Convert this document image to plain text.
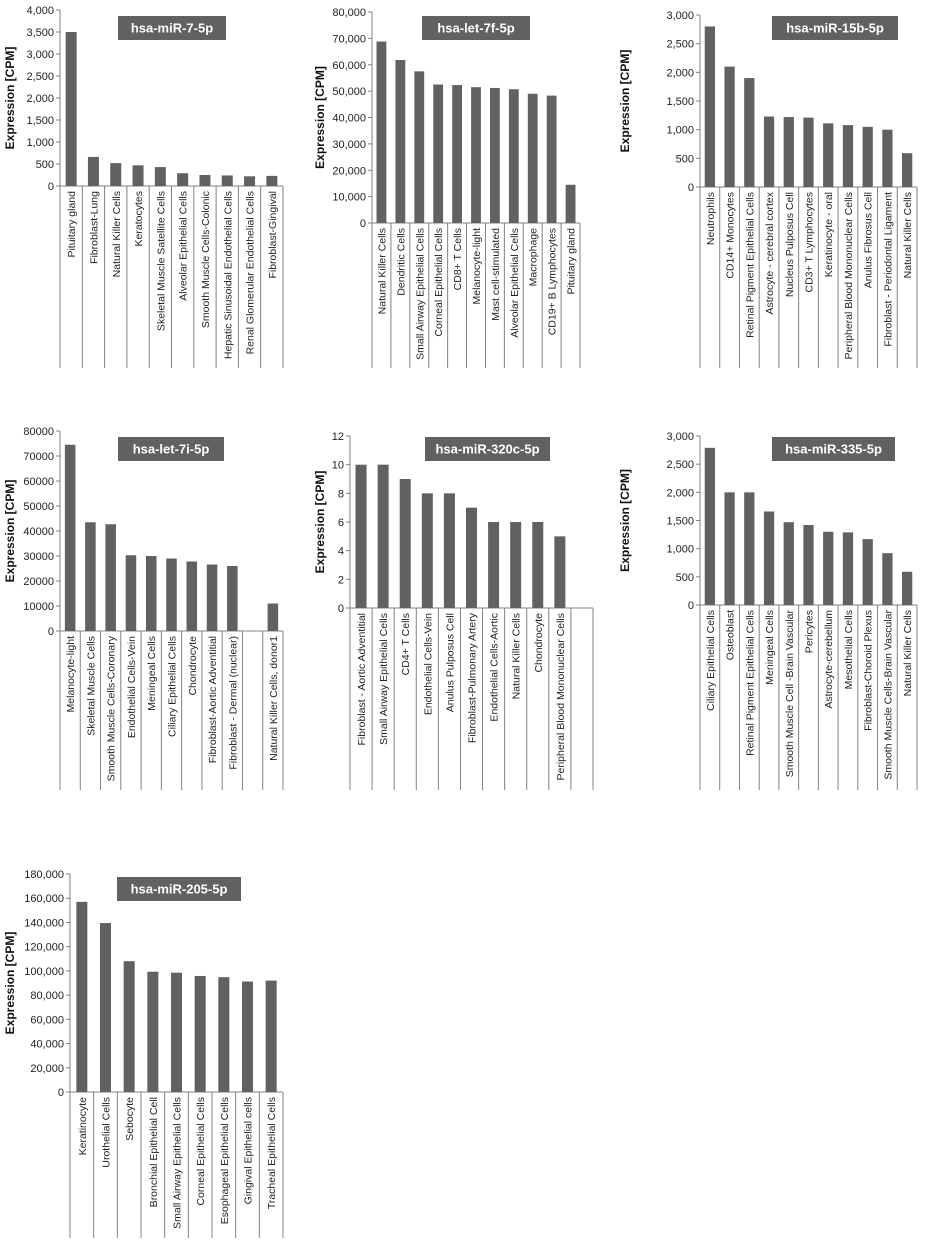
0
500
1,000
1,500
2,000
2,500
3,000
3,500
4,000
Expression [CPM]
Pituitary gland Fibroblast-Lung Natural Killer Cells Keratocytes Skeletal Muscle Satellite Cells Alveolar Epithelial Cells Smooth Muscle Cells-Colonic Hepatic Sinusoidal Endothelial Cells Renal Glomerular Endothelial Cells Fibroblast-Gingival
hsa-miR-7-5p
0
10,000
20,000
30,000
40,000
50,000
60,000
70,000
80,000
Expression [CPM]
Natural Killer Cells Dendritic Cells Small Airway Epithelial Cells Corneal Epithelial Cells CD8+ T Cells Melanocyte-light Mast cell-stimulated Alveolar Epithelial Cells Macrophage CD19+ B Lymphocytes Pituitary gland
hsa-let-7f-5p
0
500
1,000
1,500
2,000
2,500
3,000
Expression [CPM]
Neutrophils CD14+ Monocytes Retinal Pigment Epithelial Cells Astrocyte - cerebral cortex Nucleus Pulposus Cell CD3+ T Lymphocytes Keratinocyte - oral Peripheral Blood Mononuclear Cells Anulus Fibrosus Cell Fibroblast - Periodontal Ligament Natural Killer Cells
hsa-miR-15b-5p
0
10000
20000
30000
40000
50000
60000
70000
80000
Expression [CPM]
Melanocyte-light Skeletal Muscle Cells Smooth Muscle Cells-Coronary Endothelial Cells-Vein Meningeal Cells Ciliary Epithelial Cells Chondrocyte Fibroblast-Aortic Adventitial Fibroblast - Dermal (nuclear)	Natural Killer Cells, donor1
hsa-let-7i-5p
0
2
4
6
8
10
12
Expression [CPM]
Fibroblast - Aortic Adventitial Small Airway Epithelial Cells CD4+ T Cells Endothelial Cells-Vein Anulus Pulposus Cell Fibroblast-Pulmonary Artery Endothelial Cells-Aortic Natural Killer Cells Chondrocyte Peripheral Blood Mononuclear Cells
hsa-miR-320c-5p
0
500
1,000
1,500
2,000
2,500
3,000
Expression [CPM]
Ciliary Epithelial Cells Osteoblast Retinal Pigment Epithelial Cells Meningeal Cells Smooth Muscle Cell -Brain Vascular Pericytes Astrocyte-cerebellum Mesothelial Cells Fibroblast-Choroid Plexus Smooth Muscle Cells-Brain Vascular Natural Killer Cells
hsa-miR-335-5p
0
20,000
40,000
60,000
80,000
100,000
120,000
140,000
160,000
180,000
Expression [CPM]
Keratinocyte Urothelial Cells Sebocyte Bronchial Epithelial Cell Small Airway Epithelial Cells Corneal Epithelial Cells Esophageal Epithelial Cells Gingival Epithelial cells Tracheal Epithelial Cells
hsa-miR-205-5p
